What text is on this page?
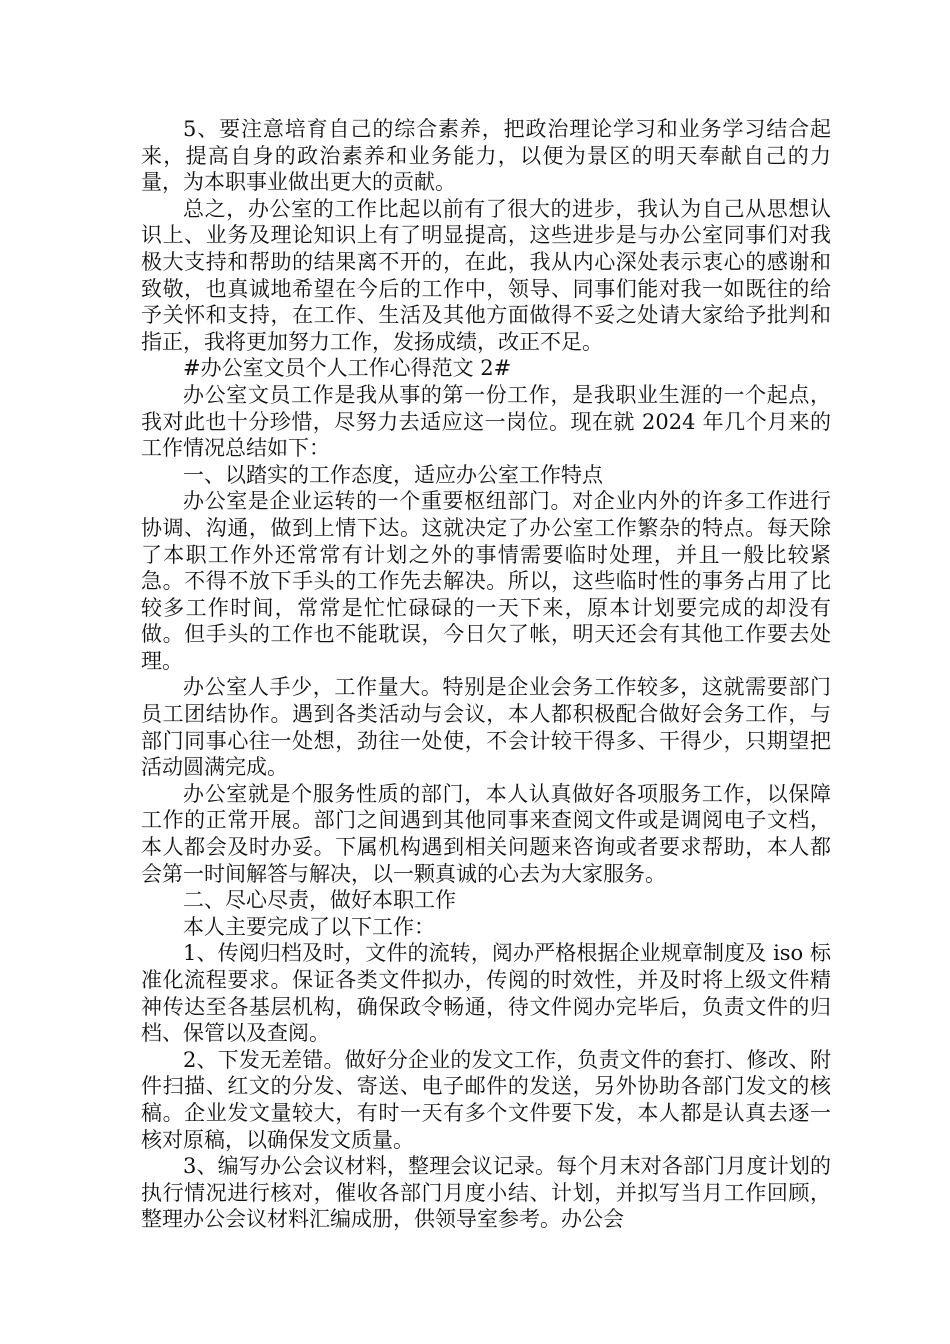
5、要注意培育自己的综合素养，把政治理论学习和业务学习结合起来，提高自身的政治素养和业务能力，以便为景区的明天奉献自己的力量，为本职事业做出更大的贡献。

总之，办公室的工作比起以前有了很大的进步，我认为自己从思想认识上、业务及理论知识上有了明显提高，这些进步是与办公室同事们对我极大支持和帮助的结果离不开的，在此，我从内心深处表示衷心的感谢和致敬，也真诚地希望在今后的工作中，领导、同事们能对我一如既往的给予关怀和支持，在工作、生活及其他方面做得不妥之处请大家给予批判和指正，我将更加努力工作，发扬成绩，改正不足。

#办公室文员个人工作心得范文 2#

办公室文员工作是我从事的第一份工作，是我职业生涯的一个起点，我对此也十分珍惜，尽努力去适应这一岗位。现在就 2024 年几个月来的工作情况总结如下：

一、以踏实的工作态度，适应办公室工作特点

办公室是企业运转的一个重要枢纽部门。对企业内外的许多工作进行协调、沟通，做到上情下达。这就决定了办公室工作繁杂的特点。每天除了本职工作外还常常有计划之外的事情需要临时处理，并且一般比较紧急。不得不放下手头的工作先去解决。所以，这些临时性的事务占用了比较多工作时间，常常是忙忙碌碌的一天下来，原本计划要完成的却没有做。但手头的工作也不能耽误，今日欠了帐，明天还会有其他工作要去处理。

办公室人手少，工作量大。特别是企业会务工作较多，这就需要部门员工团结协作。遇到各类活动与会议，本人都积极配合做好会务工作，与部门同事心往一处想，劲往一处使，不会计较干得多、干得少，只期望把活动圆满完成。

办公室就是个服务性质的部门，本人认真做好各项服务工作，以保障工作的正常开展。部门之间遇到其他同事来查阅文件或是调阅电子文档，本人都会及时办妥。下属机构遇到相关问题来咨询或者要求帮助，本人都会第一时间解答与解决，以一颗真诚的心去为大家服务。

二、尽心尽责，做好本职工作

本人主要完成了以下工作：

1、传阅归档及时，文件的流转，阅办严格根据企业规章制度及 iso 标准化流程要求。保证各类文件拟办，传阅的时效性，并及时将上级文件精神传达至各基层机构，确保政令畅通，待文件阅办完毕后，负责文件的归档、保管以及查阅。

2、下发无差错。做好分企业的发文工作，负责文件的套打、修改、附件扫描、红文的分发、寄送、电子邮件的发送，另外协助各部门发文的核稿。企业发文量较大，有时一天有多个文件要下发，本人都是认真去逐一核对原稿，以确保发文质量。

3、编写办公会议材料，整理会议记录。每个月末对各部门月度计划的执行情况进行核对，催收各部门月度小结、计划，并拟写当月工作回顾，整理办公会议材料汇编成册，供领导室参考。办公会
